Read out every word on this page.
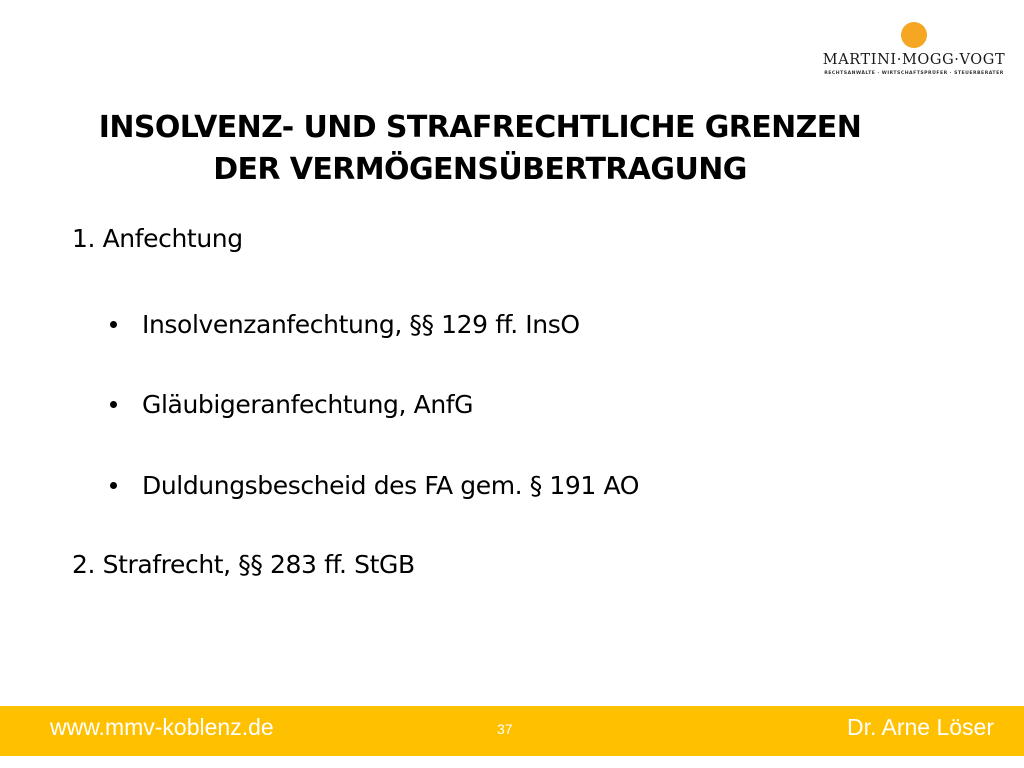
MARTINI·MOGG·VOGT
RECHTSANWÄLTE · WIRTSCHAFTSPRÜFER · STEUERBERATER
INSOLVENZ- UND STRAFRECHTLICHE GRENZEN
DER VERMÖGENSÜBERTRAGUNG
1. Anfechtung
Insolvenzanfechtung, §§ 129 ff. InsO
Gläubigeranfechtung, AnfG
Duldungsbescheid des FA gem. § 191 AO
2. Strafrecht, §§ 283 ff. StGB
www.mmv-koblenz.de	37	Dr. Arne Löser
